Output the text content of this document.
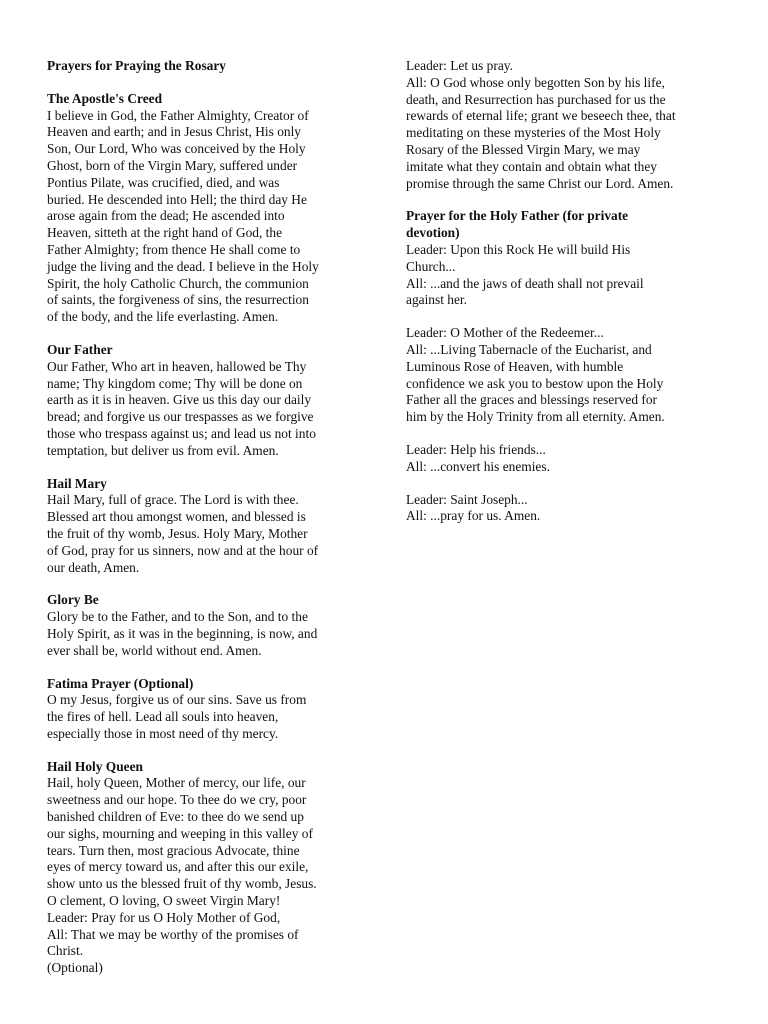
Prayers for Praying the Rosary
The Apostle's Creed
I believe in God, the Father Almighty, Creator of
Heaven and earth; and in Jesus Christ, His only
Son, Our Lord, Who was conceived by the Holy
Ghost, born of the Virgin Mary, suffered under
Pontius Pilate, was crucified, died, and was
buried. He descended into Hell; the third day He
arose again from the dead; He ascended into
Heaven, sitteth at the right hand of God, the
Father Almighty; from thence He shall come to
judge the living and the dead. I believe in the Holy
Spirit, the holy Catholic Church, the communion
of saints, the forgiveness of sins, the resurrection
of the body, and the life everlasting. Amen.
Our Father
Our Father, Who art in heaven, hallowed be Thy
name; Thy kingdom come; Thy will be done on
earth as it is in heaven. Give us this day our daily
bread; and forgive us our trespasses as we forgive
those who trespass against us; and lead us not into
temptation, but deliver us from evil. Amen.
Hail Mary
Hail Mary, full of grace. The Lord is with thee.
Blessed art thou amongst women, and blessed is
the fruit of thy womb, Jesus. Holy Mary, Mother
of God, pray for us sinners, now and at the hour of
our death, Amen.
Glory Be
Glory be to the Father, and to the Son, and to the
Holy Spirit, as it was in the beginning, is now, and
ever shall be, world without end. Amen.
Fatima Prayer (Optional)
O my Jesus, forgive us of our sins. Save us from
the fires of hell. Lead all souls into heaven,
especially those in most need of thy mercy.
Hail Holy Queen
Hail, holy Queen, Mother of mercy, our life, our
sweetness and our hope. To thee do we cry, poor
banished children of Eve: to thee do we send up
our sighs, mourning and weeping in this valley of
tears. Turn then, most gracious Advocate, thine
eyes of mercy toward us, and after this our exile,
show unto us the blessed fruit of thy womb, Jesus.
O clement, O loving, O sweet Virgin Mary!
Leader: Pray for us O Holy Mother of God,
All: That we may be worthy of the promises of
Christ.
(Optional)
Leader: Let us pray.
All: O God whose only begotten Son by his life,
death, and Resurrection has purchased for us the
rewards of eternal life; grant we beseech thee, that
meditating on these mysteries of the Most Holy
Rosary of the Blessed Virgin Mary, we may
imitate what they contain and obtain what they
promise through the same Christ our Lord. Amen.
Prayer for the Holy Father (for private
devotion)
Leader: Upon this Rock He will build His
Church...
All: ...and the jaws of death shall not prevail
against her.
Leader: O Mother of the Redeemer...
All: ...Living Tabernacle of the Eucharist, and
Luminous Rose of Heaven, with humble
confidence we ask you to bestow upon the Holy
Father all the graces and blessings reserved for
him by the Holy Trinity from all eternity. Amen.
Leader: Help his friends...
All: ...convert his enemies.
Leader: Saint Joseph...
All: ...pray for us. Amen.
